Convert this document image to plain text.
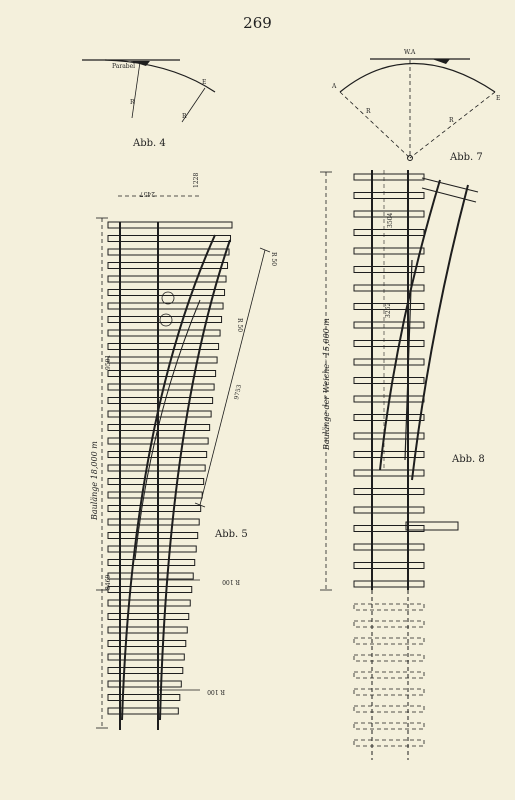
269
Parabel
R
R
E
Abb. 4
W.A
A
E
R
R
Abb. 7
Baulänge 18,000 m
9501
8469
9753
2457
1228
R 50
R 50
R 100
R 100
Abb. 5
Baulänge der Weiche · 15,000 m
3504
3262
Abb. 8
